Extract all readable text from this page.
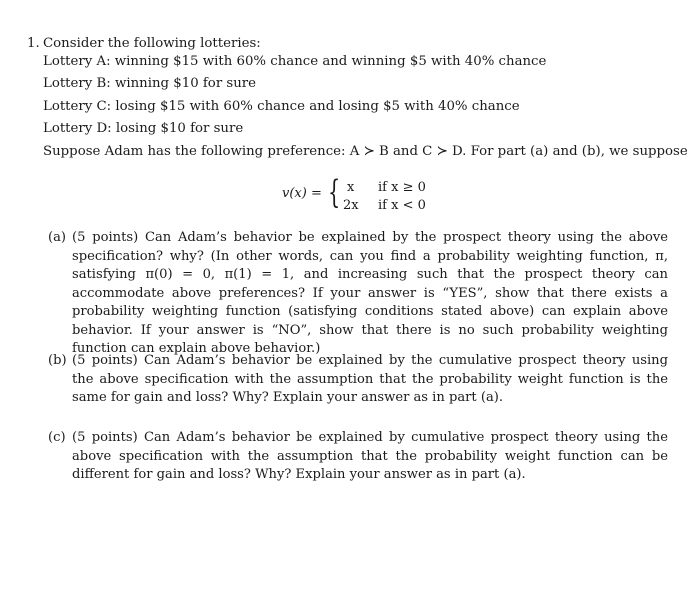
1. Consider the following lotteries:
Lottery A: winning $15 with 60% chance and winning $5 with 40% chance
Lottery B: winning $10 for sure
Lottery C: losing $15 with 60% chance and losing $5 with 40% chance
Lottery D: losing $10 for sure
Suppose Adam has the following preference: A ≻ B and C ≻ D. For part (a) and (b), we suppose
v(x) = { x if x ≥ 0
2x if x < 0
(a) (5 points) Can Adam’s behavior be explained by the prospect theory using the above specification? why? (In other words, can you find a probability weighting function, π, satisfying π(0) = 0, π(1) = 1, and increasing such that the prospect theory can accommodate above preferences? If your answer is “YES”, show that there exists a probability weighting function (satisfying conditions stated above) can explain above behavior. If your answer is “NO”, show that there is no such probability weighting function can explain above behavior.)
(b) (5 points) Can Adam’s behavior be explained by the cumulative prospect theory using the above specification with the assumption that the probability weight function is the same for gain and loss? Why? Explain your answer as in part (a).
(c) (5 points) Can Adam’s behavior be explained by cumulative prospect theory using the above specification with the assumption that the probability weight function can be different for gain and loss? Why? Explain your answer as in part (a).
